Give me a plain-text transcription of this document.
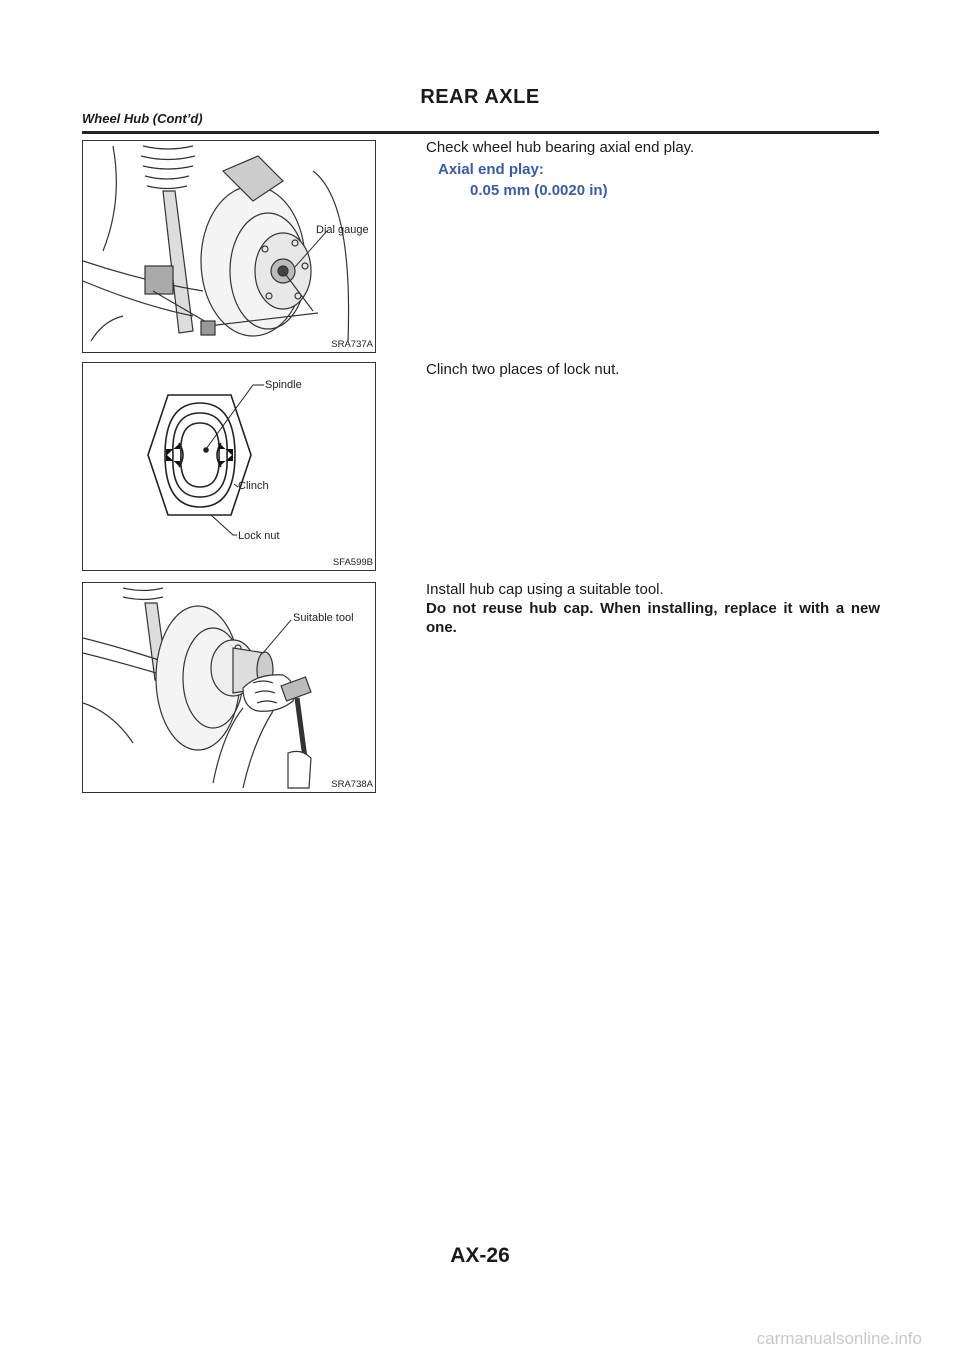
REAR AXLE
Wheel Hub (Cont’d)
Dial gauge
SRA737A
Check wheel hub bearing axial end play.
Axial end play:
0.05 mm (0.0020 in)
Spindle
Clinch
Lock nut
SFA599B
Clinch two places of lock nut.
Suitable tool
SRA738A
Install hub cap using a suitable tool.
Do not reuse hub cap. When installing, replace it with a new one.
AX-26
carmanualsonline.info
